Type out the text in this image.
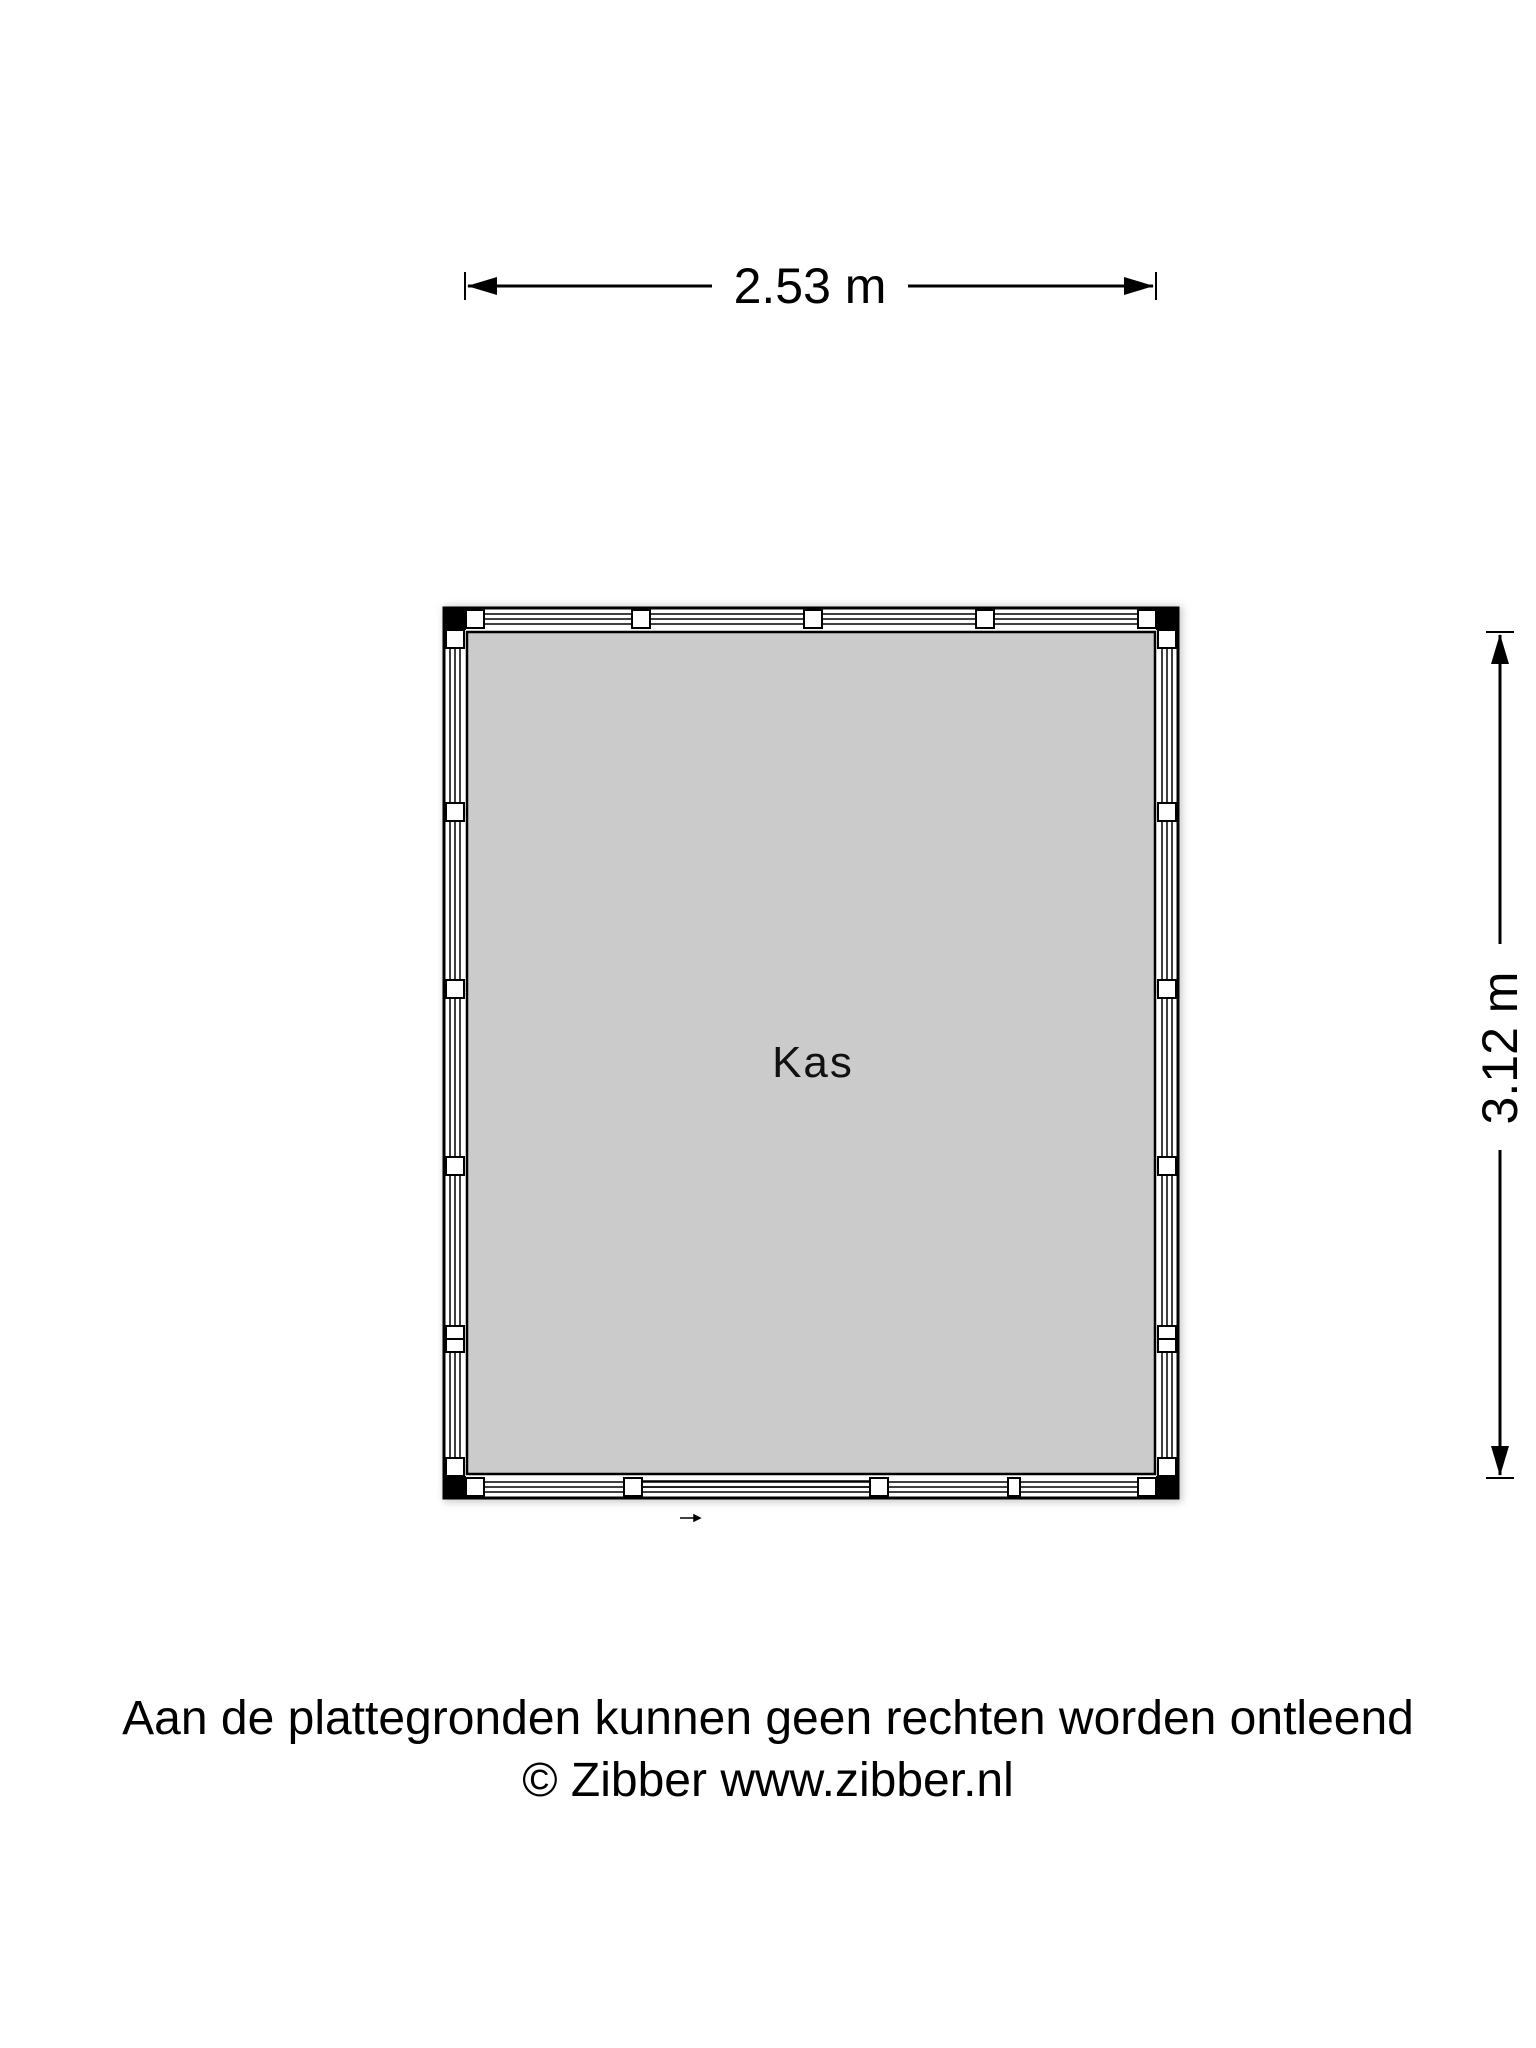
2.53 m
3.12 m
Kas
Aan de plattegronden kunnen geen rechten worden ontleend
© Zibber www.zibber.nl
